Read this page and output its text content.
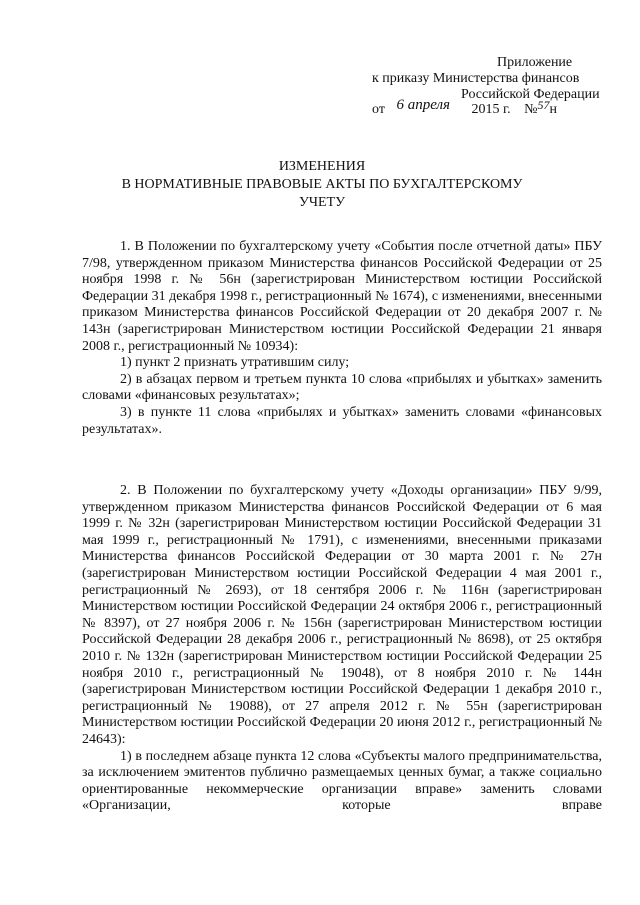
Приложение
к приказу Министерства финансов
Российской Федерации
от 6 апреля 2015 г. №57н
ИЗМЕНЕНИЯ
В НОРМАТИВНЫЕ ПРАВОВЫЕ АКТЫ ПО БУХГАЛТЕРСКОМУ
УЧЕТУ

1. В Положении по бухгалтерскому учету «События после отчетной даты» ПБУ 7/98, утвержденном приказом Министерства финансов Российской Федерации от 25 ноября 1998 г. № 56н (зарегистрирован Министерством юстиции Российской Федерации 31 декабря 1998 г., регистрационный № 1674), с изменениями, внесенными приказом Министерства финансов Российской Федерации от 20 декабря 2007 г. № 143н (зарегистрирован Министерством юстиции Российской Федерации 21 января 2008 г., регистрационный № 10934):

1) пункт 2 признать утратившим силу;

2) в абзацах первом и третьем пункта 10 слова «прибылях и убытках» заменить словами «финансовых результатах»;

3) в пункте 11 слова «прибылях и убытках» заменить словами «финансовых результатах».

2. В Положении по бухгалтерскому учету «Доходы организации» ПБУ 9/99, утвержденном приказом Министерства финансов Российской Федерации от 6 мая 1999 г. № 32н (зарегистрирован Министерством юстиции Российской Федерации 31 мая 1999 г., регистрационный № 1791), с изменениями, внесенными приказами Министерства финансов Российской Федерации от 30 марта 2001 г. № 27н (зарегистрирован Министерством юстиции Российской Федерации 4 мая 2001 г., регистрационный № 2693), от 18 сентября 2006 г. № 116н (зарегистрирован Министерством юстиции Российской Федерации 24 октября 2006 г., регистрационный № 8397), от 27 ноября 2006 г. № 156н (зарегистрирован Министерством юстиции Российской Федерации 28 декабря 2006 г., регистрационный № 8698), от 25 октября 2010 г. № 132н (зарегистрирован Министерством юстиции Российской Федерации 25 ноября 2010 г., регистрационный № 19048), от 8 ноября 2010 г. № 144н (зарегистрирован Министерством юстиции Российской Федерации 1 декабря 2010 г., регистрационный № 19088), от 27 апреля 2012 г. № 55н (зарегистрирован Министерством юстиции Российской Федерации 20 июня 2012 г., регистрационный № 24643):

1) в последнем абзаце пункта 12 слова «Субъекты малого предпринимательства, за исключением эмитентов публично размещаемых ценных бумаг, а также социально ориентированные некоммерческие организации вправе» заменить словами «Организации, которые вправе
